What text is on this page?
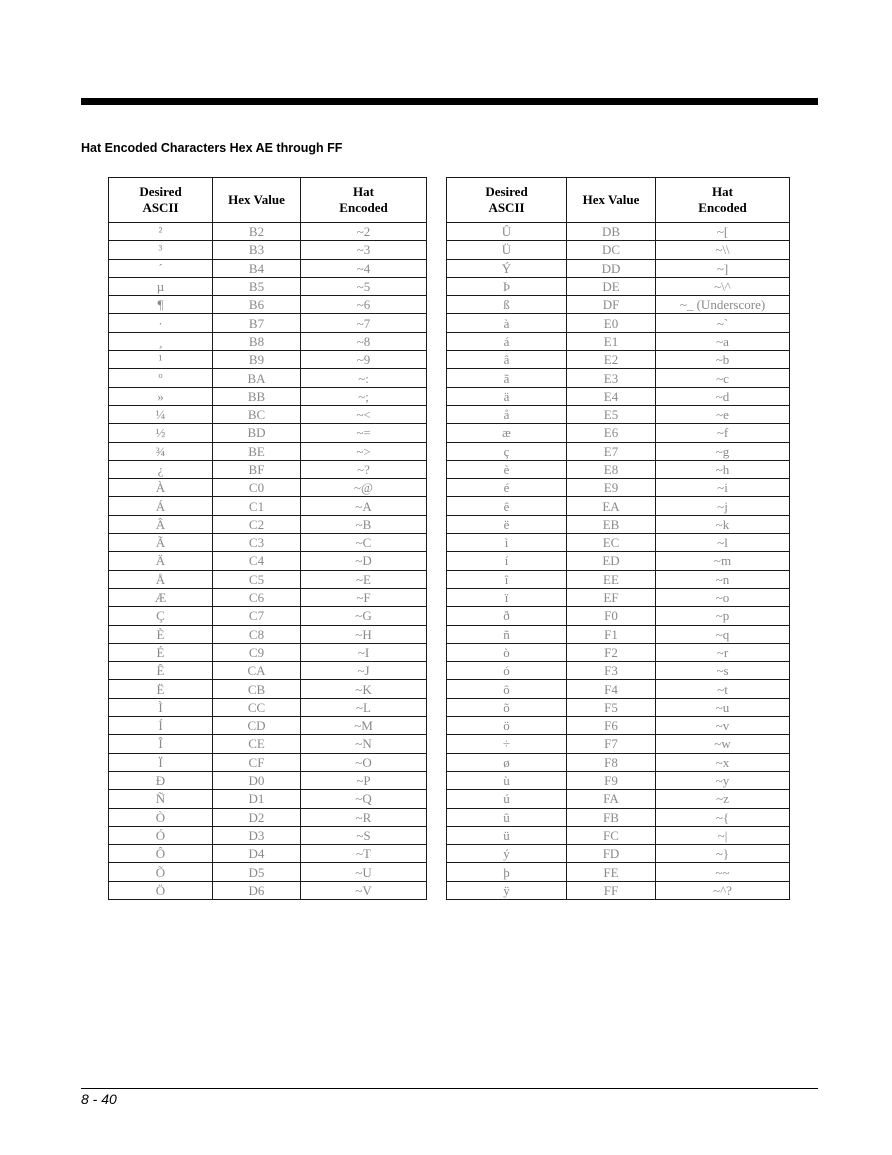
Hat Encoded Characters Hex AE through FF
Desired
ASCII	Hex Value	Hat
Encoded
²	B2	~2
³	B3	~3
´	B4	~4
µ	B5	~5
¶	B6	~6
·	B7	~7
¸	B8	~8
¹	B9	~9
º	BA	~:
»	BB	~;
¼	BC	~<
½	BD	~=
¾	BE	~>
¿	BF	~?
À	C0	~@
Á	C1	~A
Â	C2	~B
Ã	C3	~C
Ä	C4	~D
Å	C5	~E
Æ	C6	~F
Ç	C7	~G
È	C8	~H
É	C9	~I
Ê	CA	~J
Ë	CB	~K
Ì	CC	~L
Í	CD	~M
Î	CE	~N
Ï	CF	~O
Ð	D0	~P
Ñ	D1	~Q
Ò	D2	~R
Ó	D3	~S
Ô	D4	~T
Õ	D5	~U
Ö	D6	~V
Desired
ASCII	Hex Value	Hat
Encoded
Û	DB	~[
Ü	DC	~\\
Ý	DD	~]
Þ	DE	~\^
ß	DF	~_ (Underscore)
à	E0	~`
á	E1	~a
â	E2	~b
ã	E3	~c
ä	E4	~d
å	E5	~e
æ	E6	~f
ç	E7	~g
è	E8	~h
é	E9	~i
ê	EA	~j
ë	EB	~k
ì	EC	~l
í	ED	~m
î	EE	~n
ï	EF	~o
ð	F0	~p
ñ	F1	~q
ò	F2	~r
ó	F3	~s
ô	F4	~t
õ	F5	~u
ö	F6	~v
÷	F7	~w
ø	F8	~x
ù	F9	~y
ú	FA	~z
û	FB	~{
ü	FC	~|
ý	FD	~}
þ	FE	~~
ÿ	FF	~^?
8 - 40
